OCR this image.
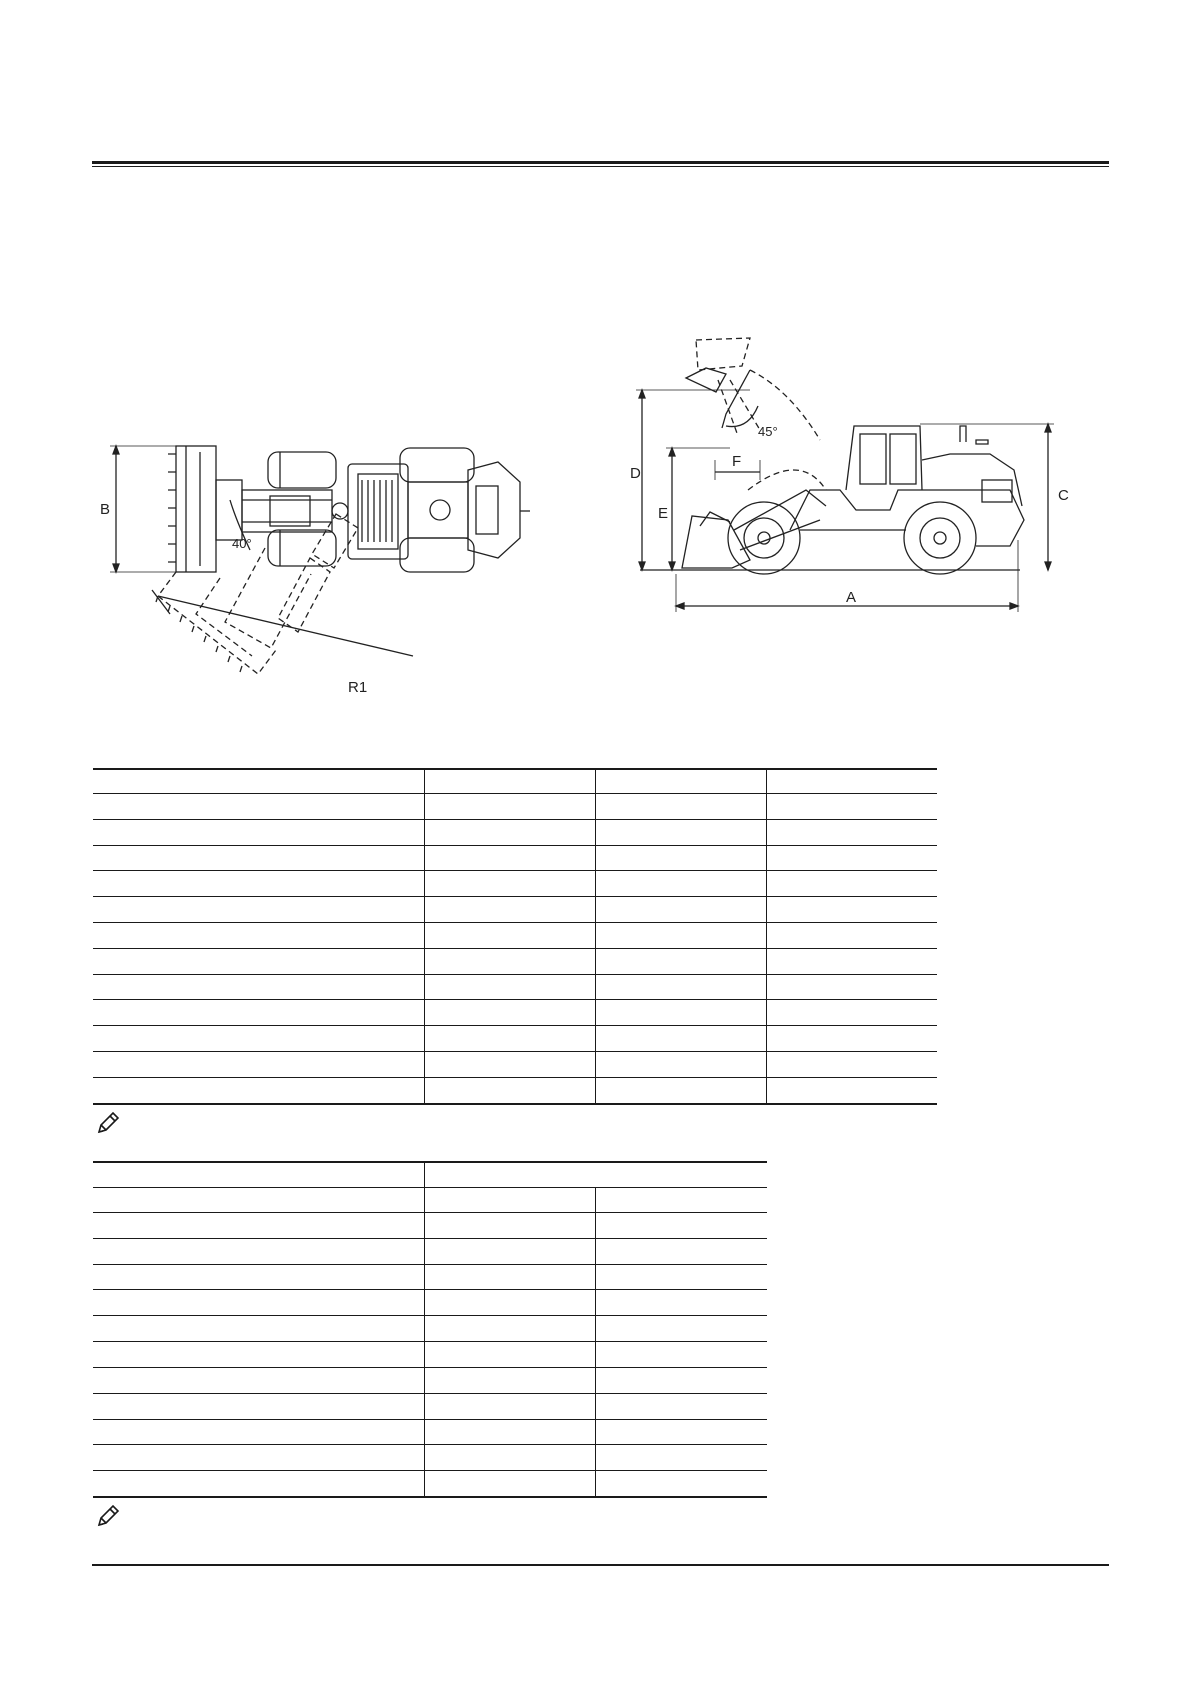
B
40°
R1
D
E
F
45°
C
A
